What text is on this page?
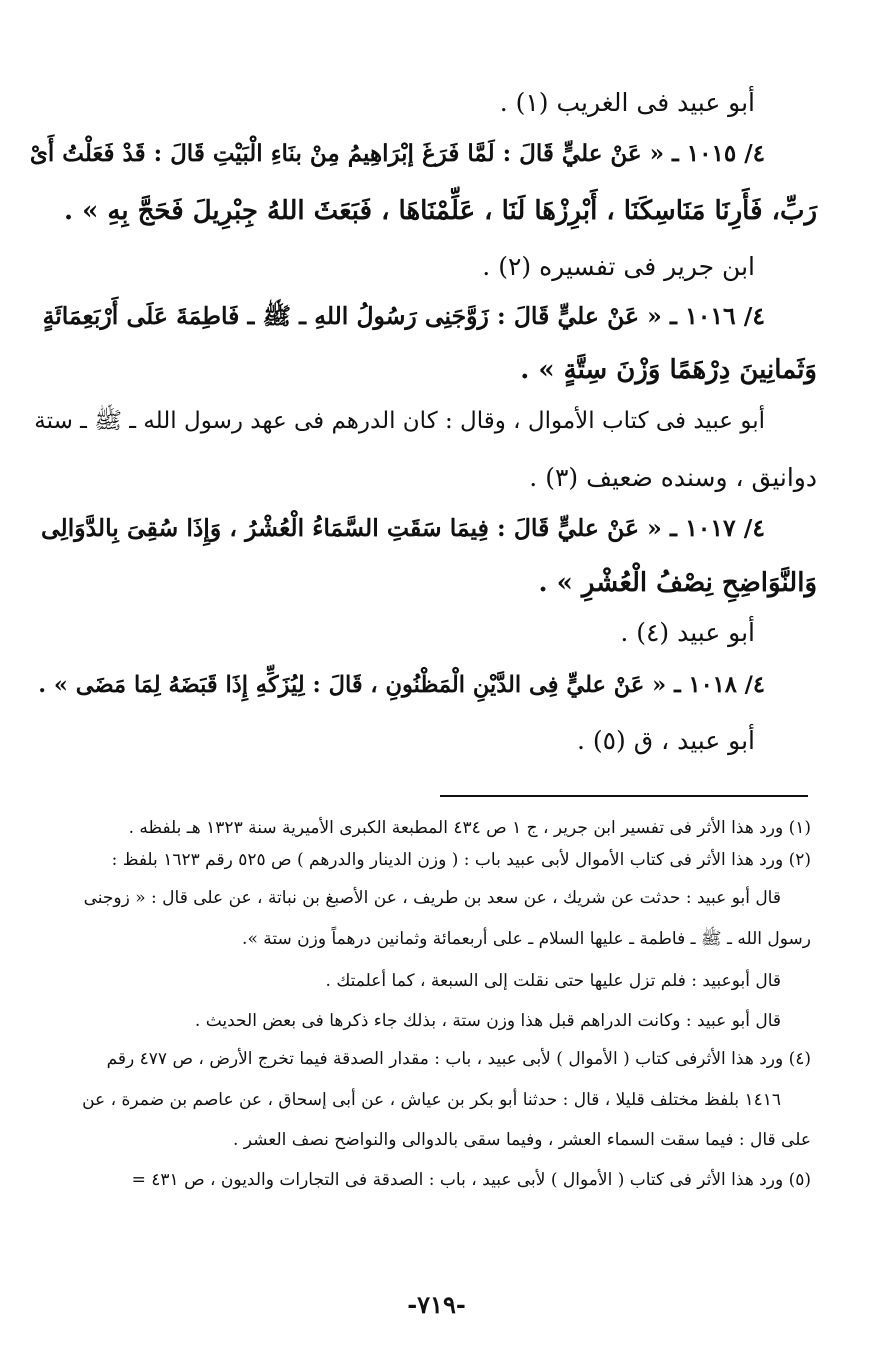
أبو عبيد فى الغريب (١) .
٤/ ١٠١٥ ـ « عَنْ عليٍّ قَالَ : لَمَّا فَرَغَ إبْرَاهِيمُ مِنْ بنَاءِ الْبَيْتِ قَالَ : قَدْ فَعَلْتُ أَىْ
رَبِّ، فَأَرِنَا مَنَاسِكَنَا ، أَبْرِزْهَا لَنَا ، عَلِّمْنَاهَا ، فَبَعَثَ اللهُ جِبْرِيلَ فَحَجَّ بِهِ » .
ابن جرير فى تفسيره (٢) .
٤/ ١٠١٦ ـ « عَنْ عليٍّ قَالَ : زَوَّجَنِى رَسُولُ اللهِ ـ ﷺ ـ فَاطِمَةَ عَلَى أَرْبَعِمَائَةٍ
وَثَمانِينَ دِرْهَمًا وَزْنَ سِتَّةٍ » .
أبو عبيد فى كتاب الأموال ، وقال : كان الدرهم فى عهد رسول الله ـ ﷺ ـ ستة
دوانيق ، وسنده ضعيف (٣) .
٤/ ١٠١٧ ـ « عَنْ عليٍّ قَالَ : فِيمَا سَقَتِ السَّمَاءُ الْعُشْرُ ، وَإِذَا سُقِىَ بِالدَّوَالِى
وَالنَّوَاضِحِ نِصْفُ الْعُشْرِ » .
أبو عبيد (٤) .
٤/ ١٠١٨ ـ « عَنْ عليٍّ فِى الدَّيْنِ الْمَظْنُونِ ، قَالَ : لِيُزَكِّهِ إِذَا قَبَضَهُ لِمَا مَضَى » .
أبو عبيد ، ق (٥) .
(١) ورد هذا الأثر فى تفسير ابن جرير ، ج ١ ص ٤٣٤ المطبعة الكبرى الأميرية سنة ١٣٢٣ هـ بلفظه .
(٢) ورد هذا الأثر فى كتاب الأموال لأبى عبيد باب : ( وزن الدينار والدرهم ) ص ٥٢٥ رقم ١٦٢٣ بلفظ :
قال أبو عبيد : حدثت عن شريك ، عن سعد بن طريف ، عن الأصبغ بن نباتة ، عن على قال : « زوجنى
رسول الله ـ ﷺ ـ فاطمة ـ عليها السلام ـ على أربعمائة وثمانين درهماً وزن ستة ».
قال أبوعبيد : فلم تزل عليها حتى نقلت إلى السبعة ، كما أعلمتك .
قال أبو عبيد : وكانت الدراهم قبل هذا وزن ستة ، بذلك جاء ذكرها فى بعض الحديث .
(٤) ورد هذا الأثرفى كتاب ( الأموال ) لأبى عبيد ، باب : مقدار الصدقة فيما تخرج الأرض ، ص ٤٧٧ رقم
١٤١٦ بلفظ مختلف قليلا ، قال : حدثنا أبو بكر بن عياش ، عن أبى إسحاق ، عن عاصم بن ضمرة ، عن
على قال : فيما سقت السماء العشر ، وفيما سقى بالدوالى والنواضح نصف العشر .
(٥) ورد هذا الأثر فى كتاب ( الأموال ) لأبى عبيد ، باب : الصدقة فى التجارات والديون ، ص ٤٣١ =
-٧١٩-
